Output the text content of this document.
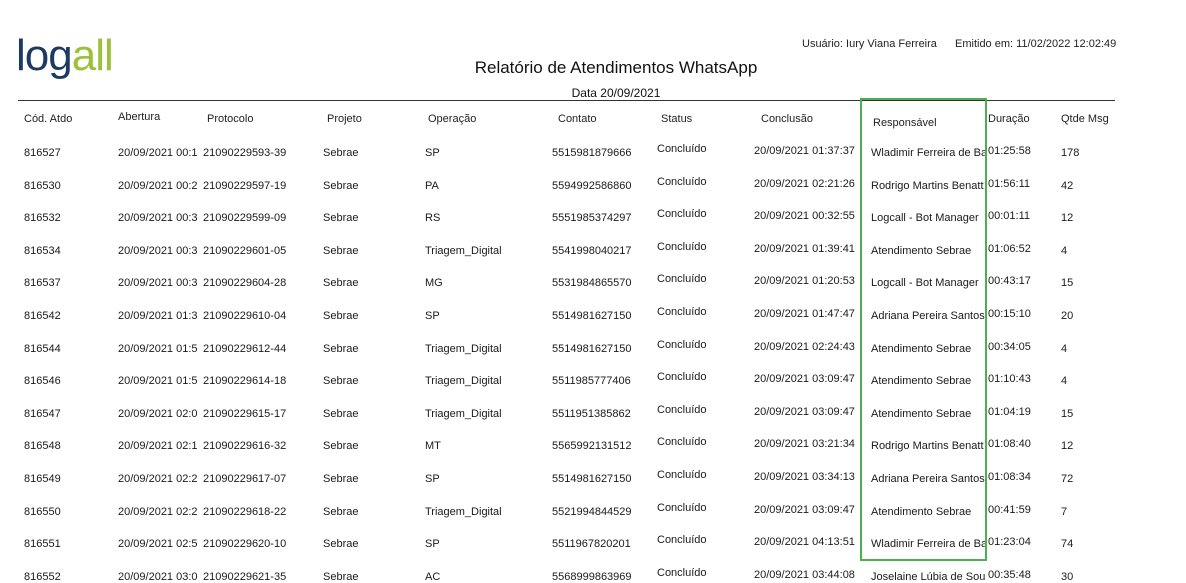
logall	Usuário: Iury Viana Ferreira Emitido em: 11/02/2022 12:02:49
Relatório de Atendimentos WhatsApp
Data 20/09/2021
Cód. Atdo	Abertura	Protocolo	Projeto	Operação	Contato	Status	Conclusão	Responsável	Duração	Qtde Msg
816527	20/09/2021 00:1 21090229593-39	Sebrae	SP	5515981879666 Concluído	20/09/2021 01:37:37 Wladimir Ferreira de Ba 01:25:58	178
816530	20/09/2021 00:2 21090229597-19	Sebrae	PA	5594992586860 Concluído	20/09/2021 02:21:26 Rodrigo Martins Benatt 01:56:11	42
816532	20/09/2021 00:3 21090229599-09	Sebrae	RS	5551985374297 Concluído	20/09/2021 00:32:55 Logcall - Bot Manager 00:01:11	12
816534	20/09/2021 00:3 21090229601-05	Sebrae	Triagem_Digital	5541998040217 Concluído	20/09/2021 01:39:41 Atendimento Sebrae 01:06:52	4
816537	20/09/2021 00:3 21090229604-28	Sebrae	MG	5531984865570 Concluído	20/09/2021 01:20:53 Logcall - Bot Manager 00:43:17	15
816542	20/09/2021 01:3 21090229610-04	Sebrae	SP	5514981627150 Concluído	20/09/2021 01:47:47 Adriana Pereira Santos 00:15:10	20
816544	20/09/2021 01:5 21090229612-44	Sebrae	Triagem_Digital	5514981627150 Concluído	20/09/2021 02:24:43 Atendimento Sebrae 00:34:05	4
816546	20/09/2021 01:5 21090229614-18	Sebrae	Triagem_Digital	5511985777406 Concluído	20/09/2021 03:09:47 Atendimento Sebrae 01:10:43	4
816547	20/09/2021 02:0 21090229615-17	Sebrae	Triagem_Digital	5511951385862 Concluído	20/09/2021 03:09:47 Atendimento Sebrae 01:04:19	15
816548	20/09/2021 02:1 21090229616-32	Sebrae	MT	5565992131512 Concluído	20/09/2021 03:21:34 Rodrigo Martins Benatt 01:08:40	12
816549	20/09/2021 02:2 21090229617-07	Sebrae	SP	5514981627150 Concluído	20/09/2021 03:34:13 Adriana Pereira Santos 01:08:34	72
816550	20/09/2021 02:2 21090229618-22	Sebrae	Triagem_Digital	5521994844529 Concluído	20/09/2021 03:09:47 Atendimento Sebrae 00:41:59	7
816551	20/09/2021 02:5 21090229620-10	Sebrae	SP	5511967820201 Concluído	20/09/2021 04:13:51 Wladimir Ferreira de Ba 01:23:04	74
816552	20/09/2021 03:0 21090229621-35	Sebrae	AC	5568999863969 Concluído	20/09/2021 03:44:08 Joselaine Lúbia de Sou 00:35:48	30
